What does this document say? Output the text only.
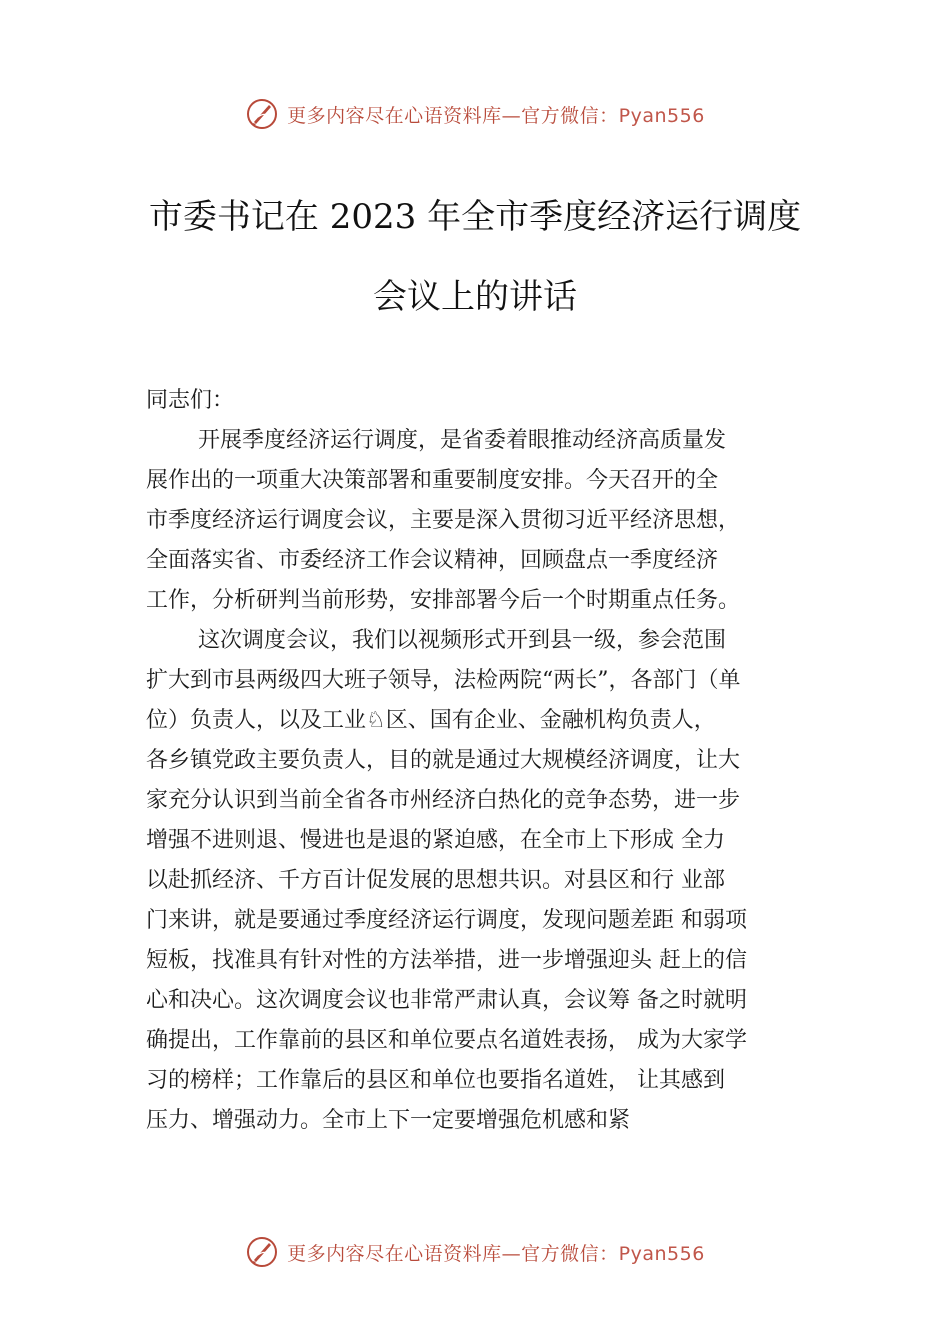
更多内容尽在心语资料库—官方微信：Pyan556
市委书记在 2023 年全市季度经济运行调度
会议上的讲话
同志们：
开展季度经济运行调度，是省委着眼推动经济高质量发
展作出的一项重大决策部署和重要制度安排。今天召开的全
市季度经济运行调度会议，主要是深入贯彻习近平经济思想，
全面落实省、市委经济工作会议精神，回顾盘点一季度经济
工作，分析研判当前形势，安排部署今后一个时期重点任务。
这次调度会议，我们以视频形式开到县一级，参会范围
扩大到市县两级四大班子领导，法检两院“两长”，各部门（单
位）负责人，以及工业♘区、国有企业、金融机构负责人，
各乡镇党政主要负责人，目的就是通过大规模经济调度，让大
家充分认识到当前全省各市州经济白热化的竞争态势，进一步
增强不进则退、慢进也是退的紧迫感，在全市上下形成 全力
以赴抓经济、千方百计促发展的思想共识。对县区和行 业部
门来讲，就是要通过季度经济运行调度，发现问题差距 和弱项
短板，找准具有针对性的方法举措，进一步增强迎头 赶上的信
心和决心。这次调度会议也非常严肃认真，会议筹 备之时就明
确提出，工作靠前的县区和单位要点名道姓表扬， 成为大家学
习的榜样；工作靠后的县区和单位也要指名道姓， 让其感到
压力、增强动力。全市上下一定要增强危机感和紧
更多内容尽在心语资料库—官方微信：Pyan556
